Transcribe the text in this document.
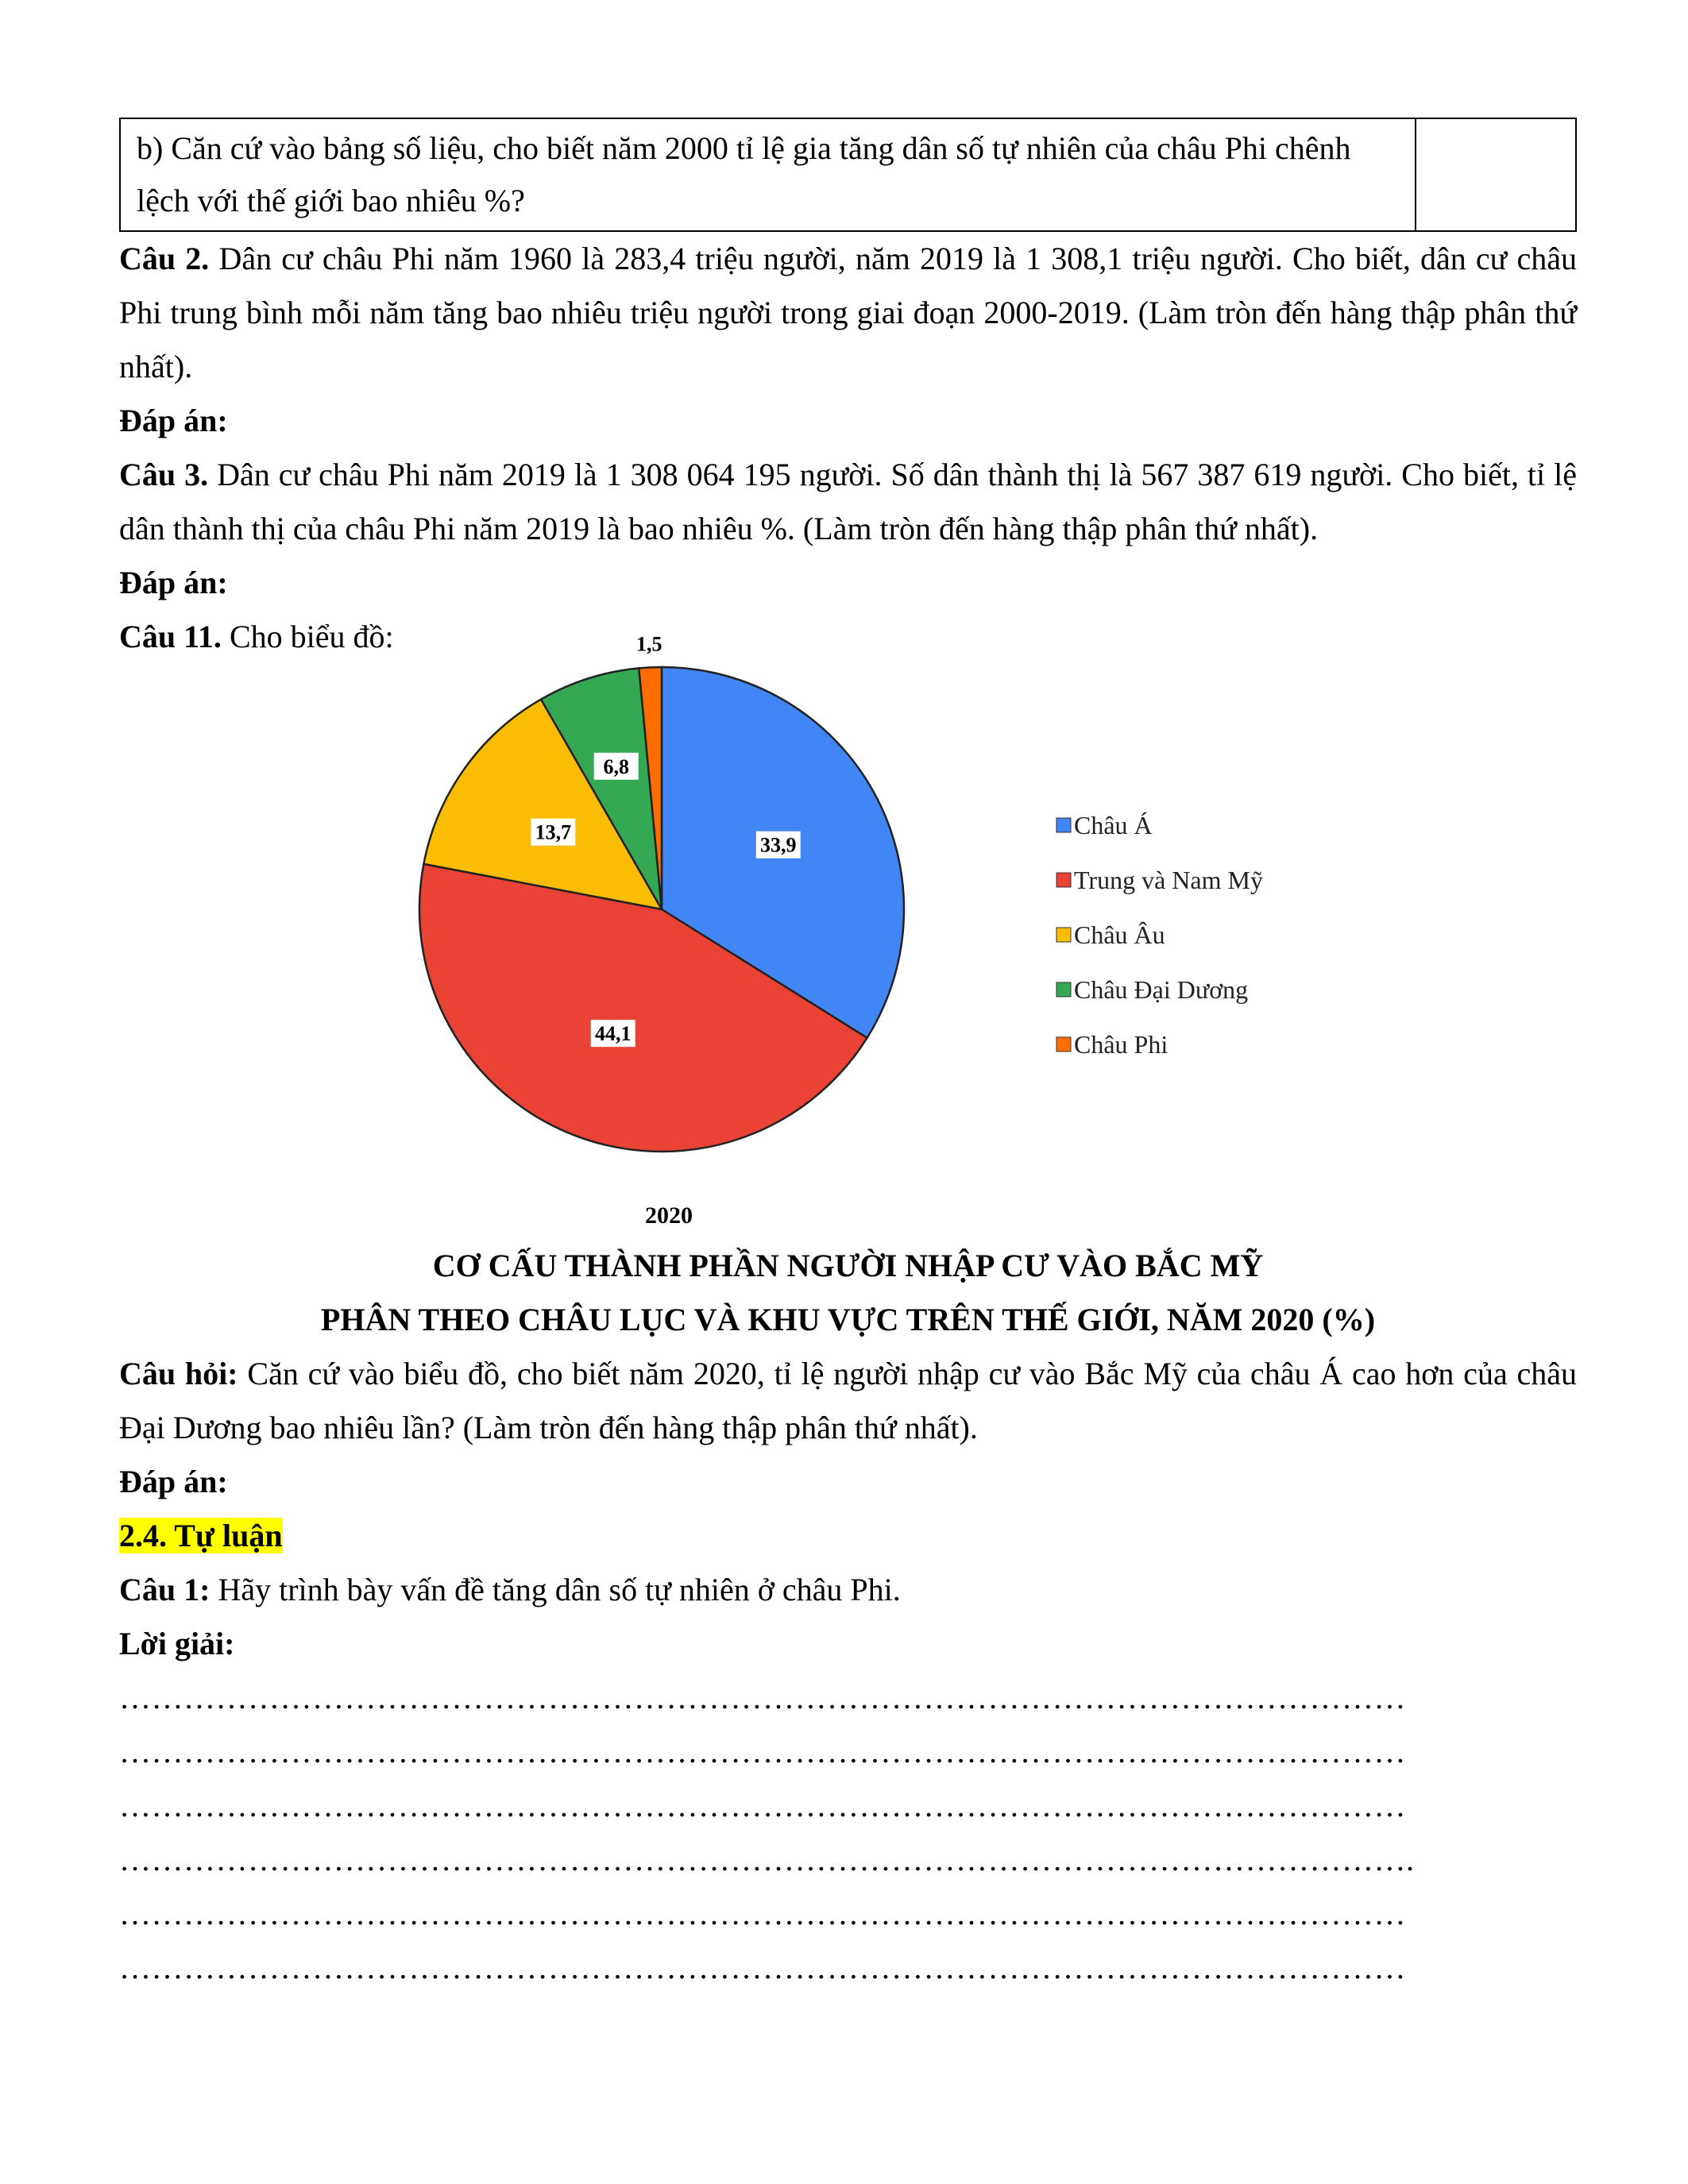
b) Căn cứ vào bảng số liệu, cho biết năm 2000 tỉ lệ gia tăng dân số tự nhiên của châu Phi chênh lệch với thế giới bao nhiêu %?	

Câu 2. Dân cư châu Phi năm 1960 là 283,4 triệu người, năm 2019 là 1 308,1 triệu người. Cho biết, dân cư châu Phi trung bình mỗi năm tăng bao nhiêu triệu người trong giai đoạn 2000-2019. (Làm tròn đến hàng thập phân thứ nhất).

Đáp án:

Câu 3. Dân cư châu Phi năm 2019 là 1 308 064 195 người. Số dân thành thị là 567 387 619 người. Cho biết, tỉ lệ dân thành thị của châu Phi năm 2019 là bao nhiêu %. (Làm tròn đến hàng thập phân thứ nhất).

Đáp án:

Câu 11. Cho biểu đồ:

33,9
44,1
13,7
6,8
1,5
Châu Á
Trung và Nam Mỹ
Châu Âu
Châu Đại Dương
Châu Phi
2020

CƠ CẤU THÀNH PHẦN NGƯỜI NHẬP CƯ VÀO BẮC MỸ

PHÂN THEO CHÂU LỤC VÀ KHU VỰC TRÊN THẾ GIỚI, NĂM 2020 (%)

Câu hỏi: Căn cứ vào biểu đồ, cho biết năm 2020, tỉ lệ người nhập cư vào Bắc Mỹ của châu Á cao hơn của châu Đại Dương bao nhiêu lần? (Làm tròn đến hàng thập phân thứ nhất).

Đáp án:

2.4. Tự luận

Câu 1: Hãy trình bày vấn đề tăng dân số tự nhiên ở châu Phi.

Lời giải:

…………………………………………………………………………………………………………
…………………………………………………………………………………………………………
…………………………………………………………………………………………………………
………………………………………………………………………………………………………….
…………………………………………………………………………………………………………
…………………………………………………………………………………………………………
